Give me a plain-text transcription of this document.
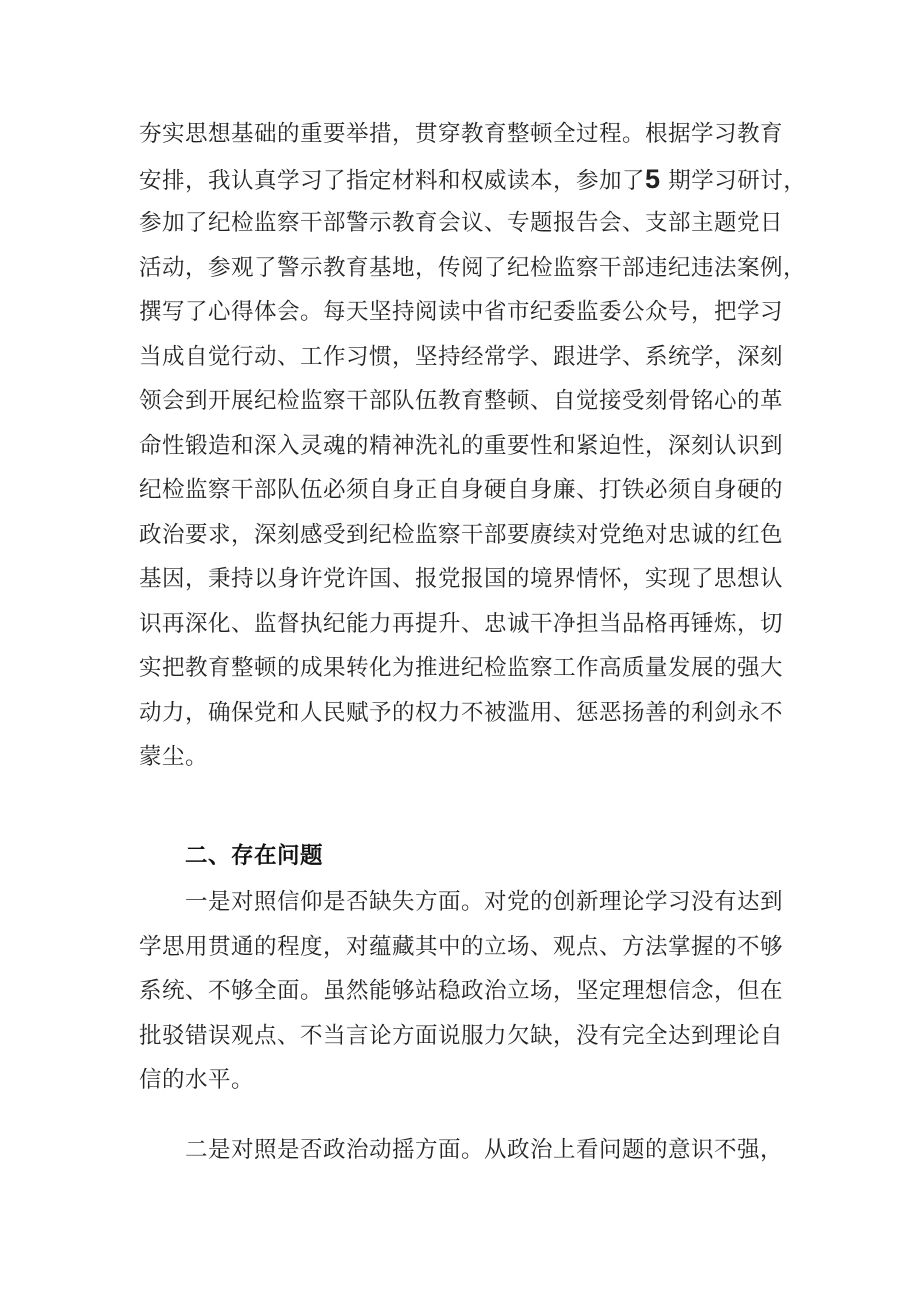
夯实思想基础的重要举措，贯穿教育整顿全过程。根据学习教育
安排，我认真学习了指定材料和权威读本，参加了5 期学习研讨，
参加了纪检监察干部警示教育会议、专题报告会、支部主题党日
活动，参观了警示教育基地，传阅了纪检监察干部违纪违法案例，
撰写了心得体会。每天坚持阅读中省市纪委监委公众号，把学习
当成自觉行动、工作习惯，坚持经常学、跟进学、系统学，深刻
领会到开展纪检监察干部队伍教育整顿、自觉接受刻骨铭心的革
命性锻造和深入灵魂的精神洗礼的重要性和紧迫性，深刻认识到
纪检监察干部队伍必须自身正自身硬自身廉、打铁必须自身硬的
政治要求，深刻感受到纪检监察干部要赓续对党绝对忠诚的红色
基因，秉持以身许党许国、报党报国的境界情怀，实现了思想认
识再深化、监督执纪能力再提升、忠诚干净担当品格再锤炼，切
实把教育整顿的成果转化为推进纪检监察工作高质量发展的强大
动力，确保党和人民赋予的权力不被滥用、惩恶扬善的利剑永不
蒙尘。
二、存在问题
　　一是对照信仰是否缺失方面。对党的创新理论学习没有达到
学思用贯通的程度，对蕴藏其中的立场、观点、方法掌握的不够
系统、不够全面。虽然能够站稳政治立场，坚定理想信念，但在
批驳错误观点、不当言论方面说服力欠缺，没有完全达到理论自
信的水平。
　　二是对照是否政治动摇方面。从政治上看问题的意识不强，
